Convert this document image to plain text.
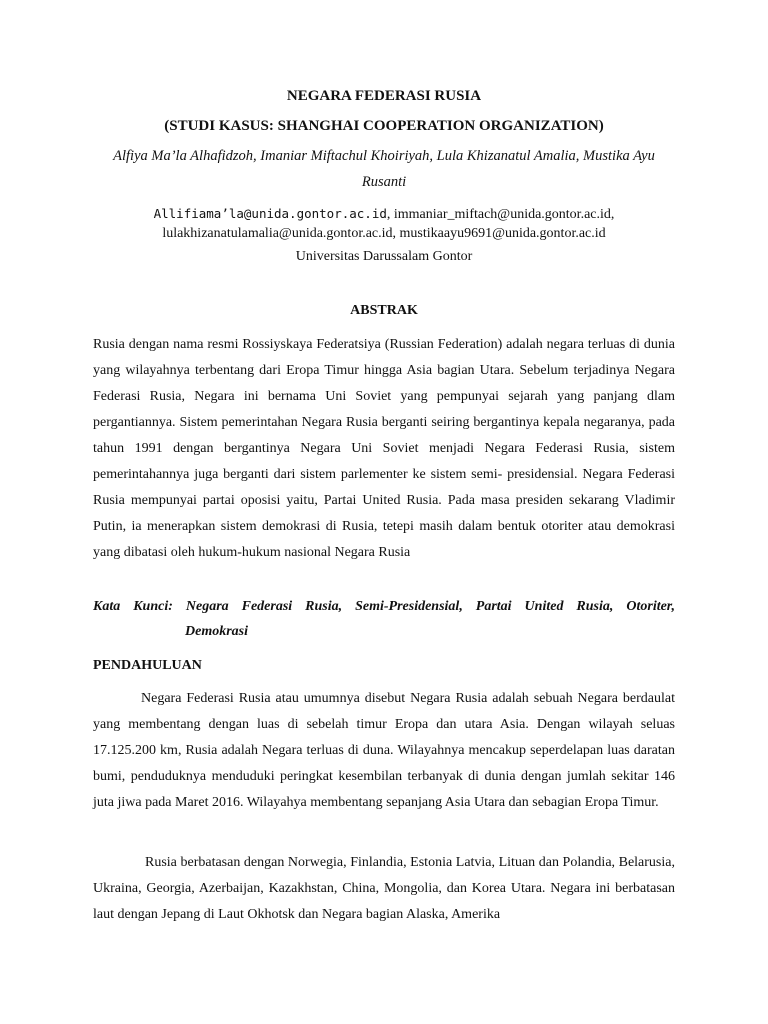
NEGARA FEDERASI RUSIA

(STUDI KASUS: SHANGHAI COOPERATION ORGANIZATION)

Alfiya Ma’la Alhafidzoh, Imaniar Miftachul Khoiriyah, Lula Khizanatul Amalia, Mustika Ayu Rusanti

Allifiama’la@unida.gontor.ac.id, immaniar_miftach@unida.gontor.ac.id,
lulakhizanatulamalia@unida.gontor.ac.id, mustikaayu9691@unida.gontor.ac.id

Universitas Darussalam Gontor

ABSTRAK

Rusia dengan nama resmi Rossiyskaya Federatsiya (Russian Federation) adalah negara terluas di dunia yang wilayahnya terbentang dari Eropa Timur hingga Asia bagian Utara. Sebelum terjadinya Negara Federasi Rusia, Negara ini bernama Uni Soviet yang pempunyai sejarah yang panjang dlam pergantiannya. Sistem pemerintahan Negara Rusia berganti seiring bergantinya kepala negaranya, pada tahun 1991 dengan bergantinya Negara Uni Soviet menjadi Negara Federasi Rusia, sistem pemerintahannya juga berganti dari sistem parlementer ke sistem semi- presidensial. Negara Federasi Rusia mempunyai partai oposisi yaitu, Partai United Rusia. Pada masa presiden sekarang Vladimir Putin, ia menerapkan sistem demokrasi di Rusia, tetepi masih dalam bentuk otoriter atau demokrasi yang dibatasi oleh hukum-hukum nasional Negara Rusia

Kata Kunci: Negara Federasi Rusia, Semi-Presidensial, Partai United Rusia, Otoriter,
Demokrasi

PENDAHULUAN

Negara Federasi Rusia atau umumnya disebut Negara Rusia adalah sebuah Negara berdaulat yang membentang dengan luas di sebelah timur Eropa dan utara Asia. Dengan wilayah seluas 17.125.200 km, Rusia adalah Negara terluas di duna. Wilayahnya mencakup seperdelapan luas daratan bumi, penduduknya menduduki peringkat kesembilan terbanyak di dunia dengan jumlah sekitar 146 juta jiwa pada Maret 2016. Wilayahya membentang sepanjang Asia Utara dan sebagian Eropa Timur.

Rusia berbatasan dengan Norwegia, Finlandia, Estonia Latvia, Lituan dan Polandia, Belarusia, Ukraina, Georgia, Azerbaijan, Kazakhstan, China, Mongolia, dan Korea Utara. Negara ini berbatasan laut dengan Jepang di Laut Okhotsk dan Negara bagian Alaska, Amerika
